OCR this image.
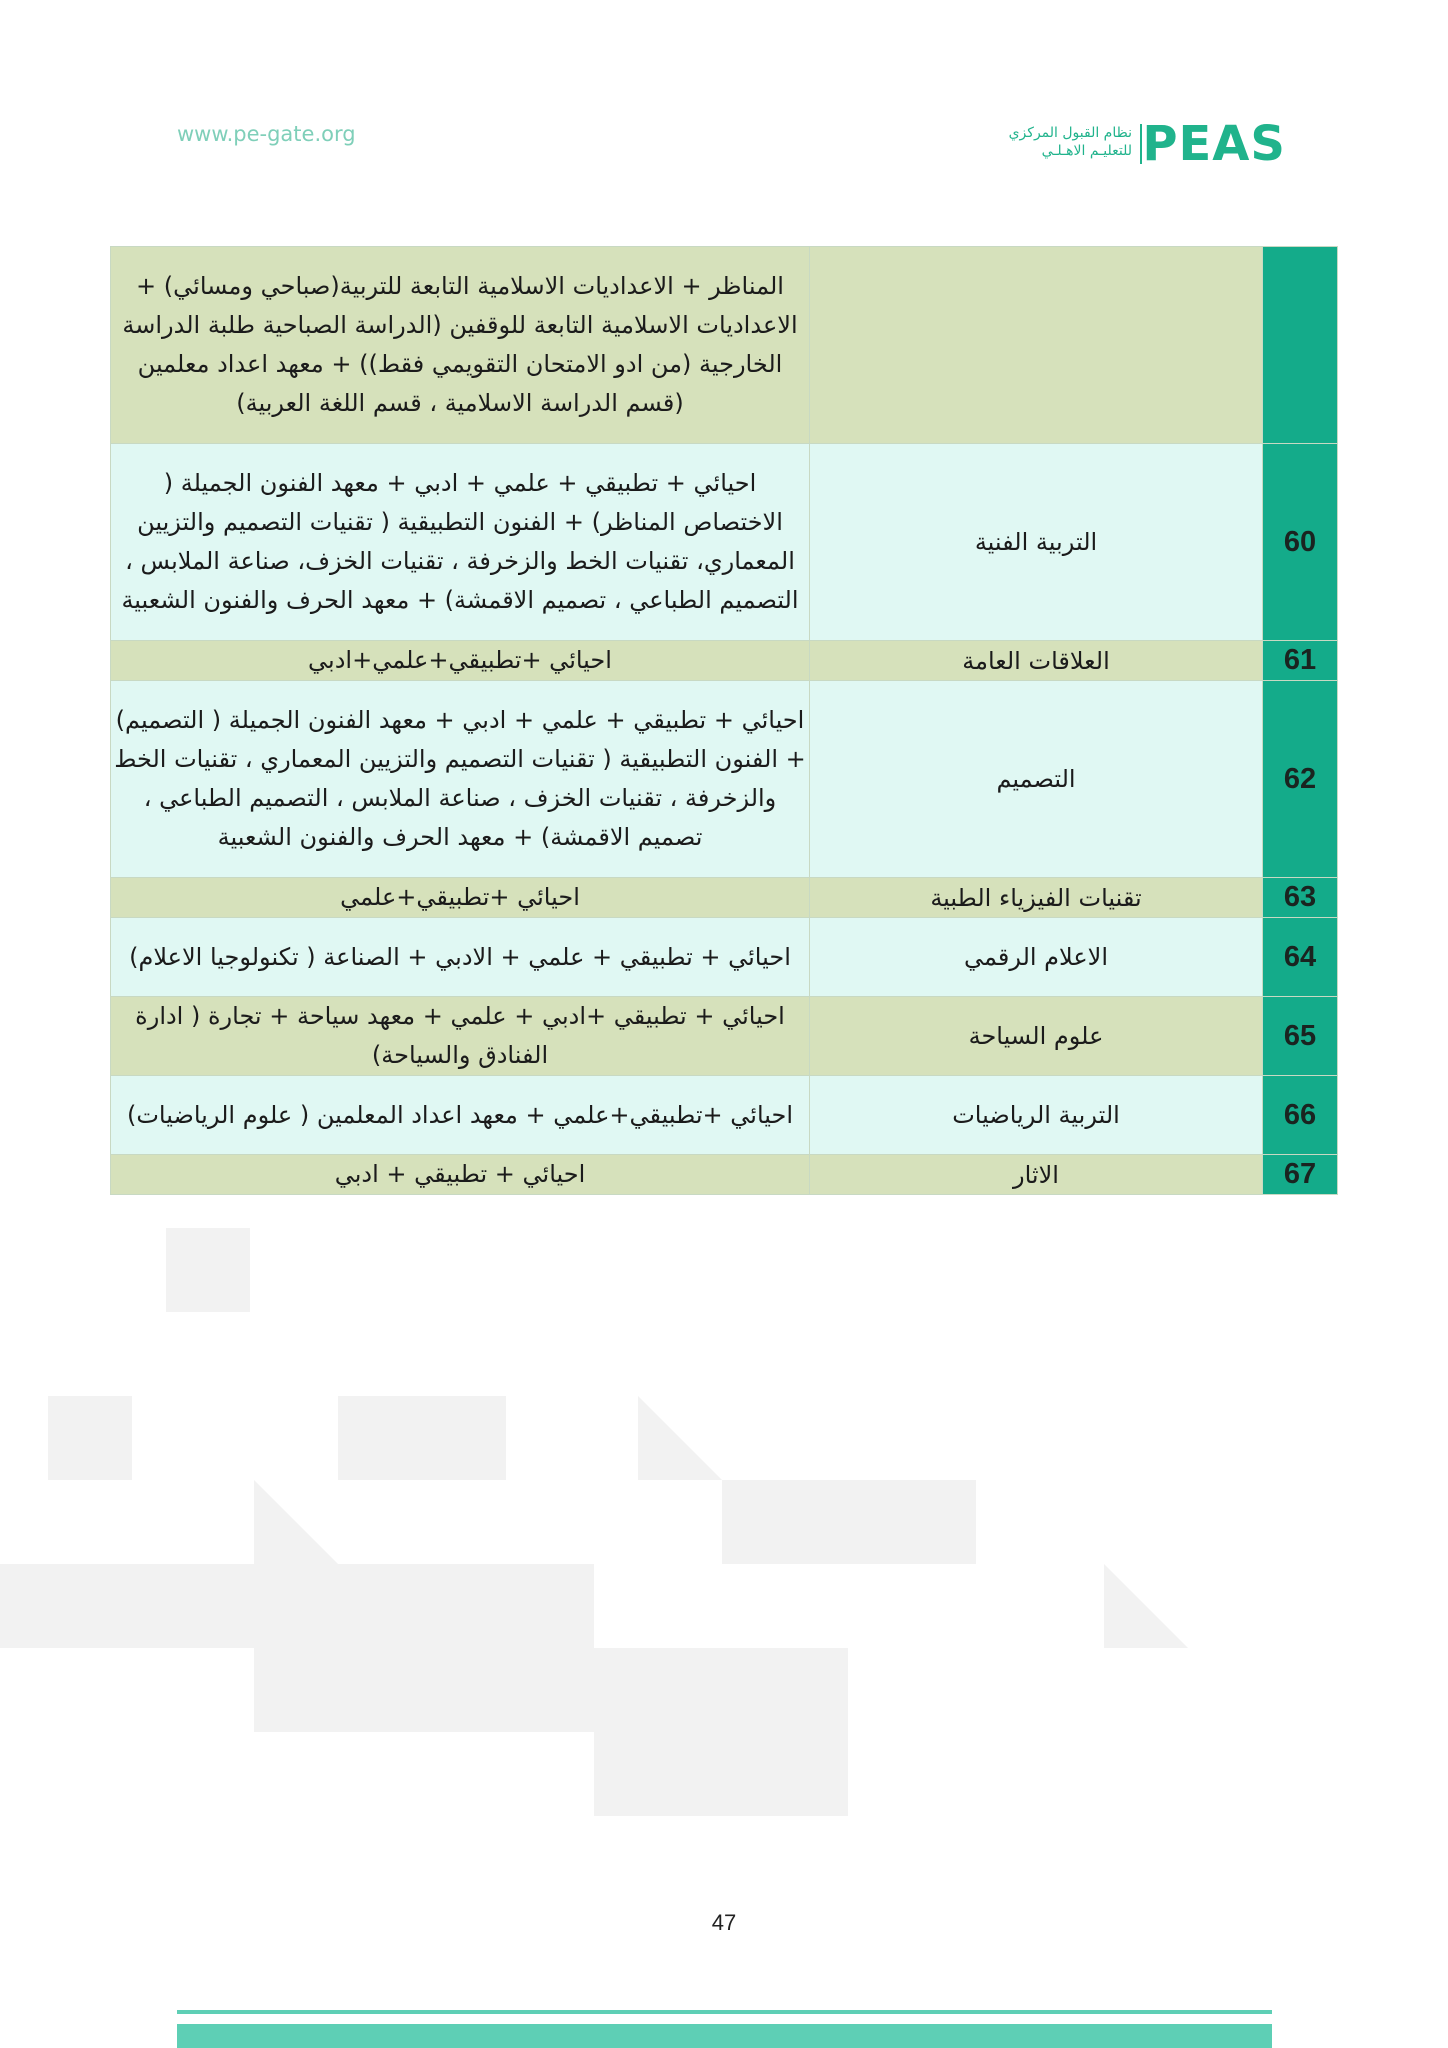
www.pe-gate.org	نظام القبول المركزي
للتعليـم الاهـلـي PEAS
		المناظر + الاعداديات الاسلامية التابعة للتربية(صباحي ومسائي) + الاعداديات الاسلامية التابعة للوقفين (الدراسة الصباحية طلبة الدراسة الخارجية (من ادو الامتحان التقويمي فقط)) + معهد اعداد معلمين (قسم الدراسة الاسلامية ، قسم اللغة العربية)
60	التربية الفنية	احيائي + تطبيقي + علمي + ادبي + معهد الفنون الجميلة ( الاختصاص المناظر) + الفنون التطبيقية ( تقنيات التصميم والتزيين المعماري، تقنيات الخط والزخرفة ، تقنيات الخزف، صناعة الملابس ، التصميم الطباعي ، تصميم الاقمشة) + معهد الحرف والفنون الشعبية
61	العلاقات العامة	احيائي +تطبيقي+علمي+ادبي
62	التصميم	احيائي + تطبيقي + علمي + ادبي + معهد الفنون الجميلة ( التصميم) + الفنون التطبيقية ( تقنيات التصميم والتزيين المعماري ، تقنيات الخط والزخرفة ، تقنيات الخزف ، صناعة الملابس ، التصميم الطباعي ، تصميم الاقمشة) + معهد الحرف والفنون الشعبية
63	تقنيات الفيزياء الطبية	احيائي +تطبيقي+علمي
64	الاعلام الرقمي	احيائي + تطبيقي + علمي + الادبي + الصناعة ( تكنولوجيا الاعلام)
65	علوم السياحة	احيائي + تطبيقي +ادبي + علمي + معهد سياحة + تجارة ( ادارة الفنادق والسياحة)
66	التربية الرياضيات	احيائي +تطبيقي+علمي + معهد اعداد المعلمين ( علوم الرياضيات)
67	الاثار	احيائي + تطبيقي + ادبي
47
